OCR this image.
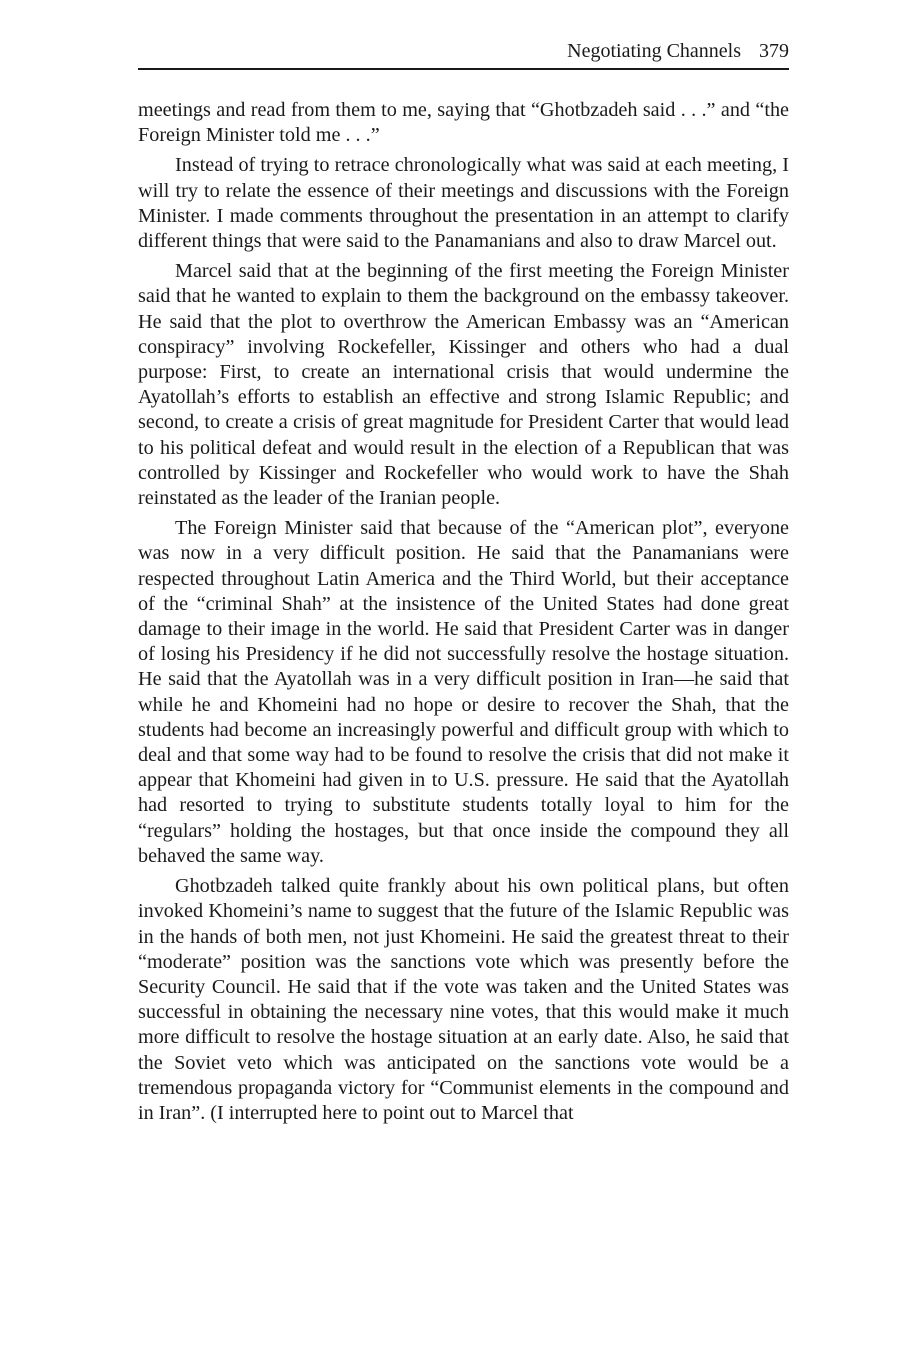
Negotiating Channels 379

meetings and read from them to me, saying that “Ghotbzadeh said . . .” and “the Foreign Minister told me . . .”

Instead of trying to retrace chronologically what was said at each meeting, I will try to relate the essence of their meetings and discussions with the Foreign Minister. I made comments throughout the presentation in an attempt to clarify different things that were said to the Panamanians and also to draw Marcel out.

Marcel said that at the beginning of the first meeting the Foreign Minister said that he wanted to explain to them the background on the embassy takeover. He said that the plot to overthrow the American Embassy was an “American conspiracy” involving Rockefeller, Kissinger and others who had a dual purpose: First, to create an international crisis that would undermine the Ayatollah’s efforts to establish an effective and strong Islamic Republic; and second, to create a crisis of great magnitude for President Carter that would lead to his political defeat and would result in the election of a Republican that was controlled by Kissinger and Rockefeller who would work to have the Shah reinstated as the leader of the Iranian people.

The Foreign Minister said that because of the “American plot”, everyone was now in a very difficult position. He said that the Panamanians were respected throughout Latin America and the Third World, but their acceptance of the “criminal Shah” at the insistence of the United States had done great damage to their image in the world. He said that President Carter was in danger of losing his Presidency if he did not successfully resolve the hostage situation. He said that the Ayatollah was in a very difficult position in Iran—he said that while he and Khomeini had no hope or desire to recover the Shah, that the students had become an increasingly powerful and difficult group with which to deal and that some way had to be found to resolve the crisis that did not make it appear that Khomeini had given in to U.S. pressure. He said that the Ayatollah had resorted to trying to substitute students totally loyal to him for the “regulars” holding the hostages, but that once inside the compound they all behaved the same way.

Ghotbzadeh talked quite frankly about his own political plans, but often invoked Khomeini’s name to suggest that the future of the Islamic Republic was in the hands of both men, not just Khomeini. He said the greatest threat to their “moderate” position was the sanctions vote which was presently before the Security Council. He said that if the vote was taken and the United States was successful in obtaining the necessary nine votes, that this would make it much more difficult to resolve the hostage situation at an early date. Also, he said that the Soviet veto which was anticipated on the sanctions vote would be a tremendous propaganda victory for “Communist elements in the compound and in Iran”. (I interrupted here to point out to Marcel that
